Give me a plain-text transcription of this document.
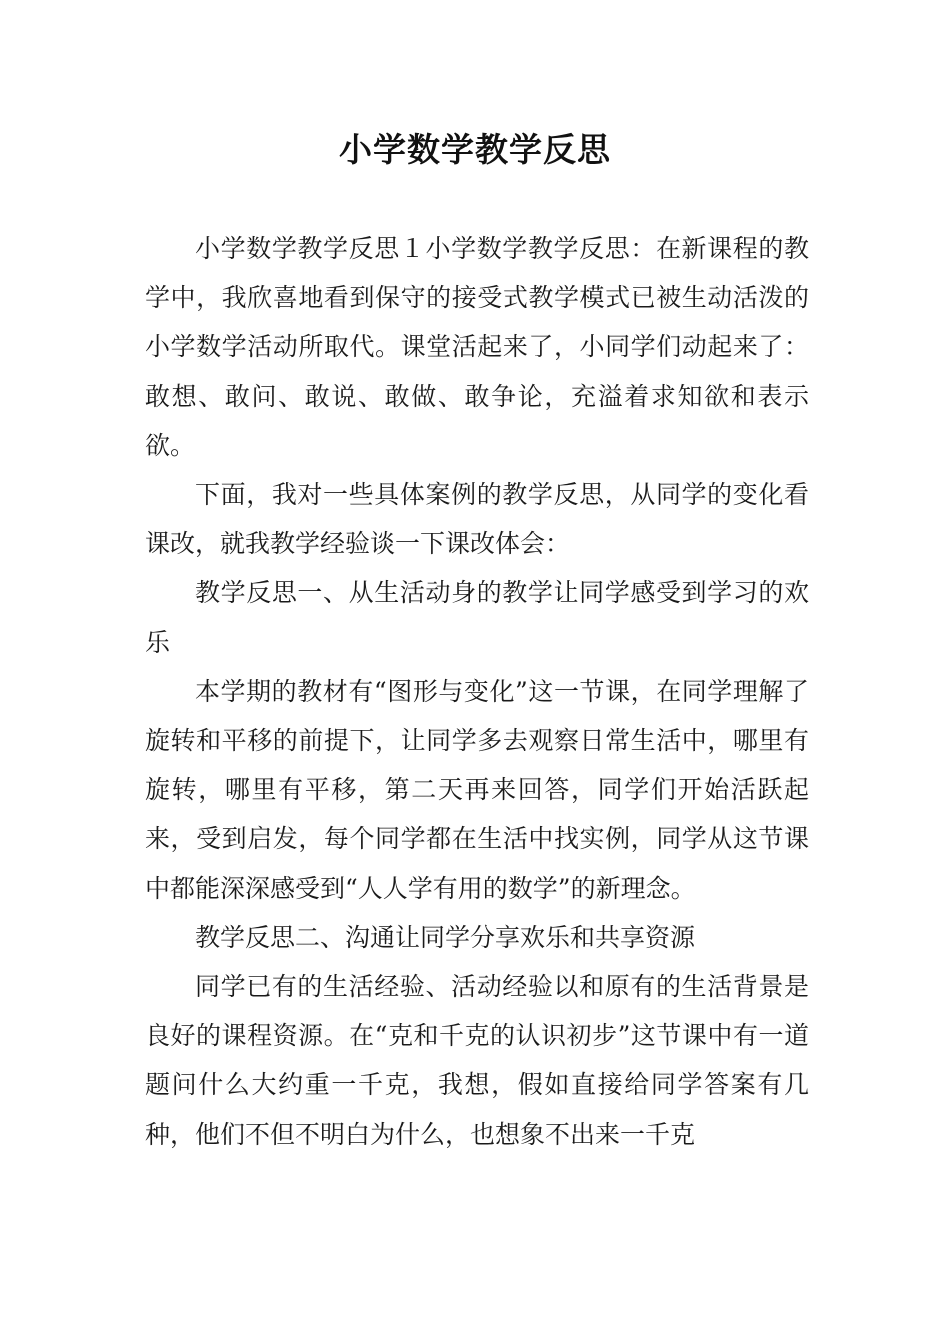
小学数学教学反思

小学数学教学反思１小学数学教学反思：在新课程的教学中，我欣喜地看到保守的接受式教学模式已被生动活泼的小学数学活动所取代。课堂活起来了，小同学们动起来了：敢想、敢问、敢说、敢做、敢争论，充溢着求知欲和表示欲。

下面，我对一些具体案例的教学反思，从同学的变化看课改，就我教学经验谈一下课改体会：

教学反思一、从生活动身的教学让同学感受到学习的欢乐

本学期的教材有“图形与变化”这一节课，在同学理解了旋转和平移的前提下，让同学多去观察日常生活中，哪里有旋转，哪里有平移，第二天再来回答，同学们开始活跃起来，受到启发，每个同学都在生活中找实例，同学从这节课中都能深深感受到“人人学有用的数学”的新理念。

教学反思二、沟通让同学分享欢乐和共享资源

同学已有的生活经验、活动经验以和原有的生活背景是良好的课程资源。在“克和千克的认识初步”这节课中有一道题问什么大约重一千克，我想，假如直接给同学答案有几种，他们不但不明白为什么，也想象不出来一千克
